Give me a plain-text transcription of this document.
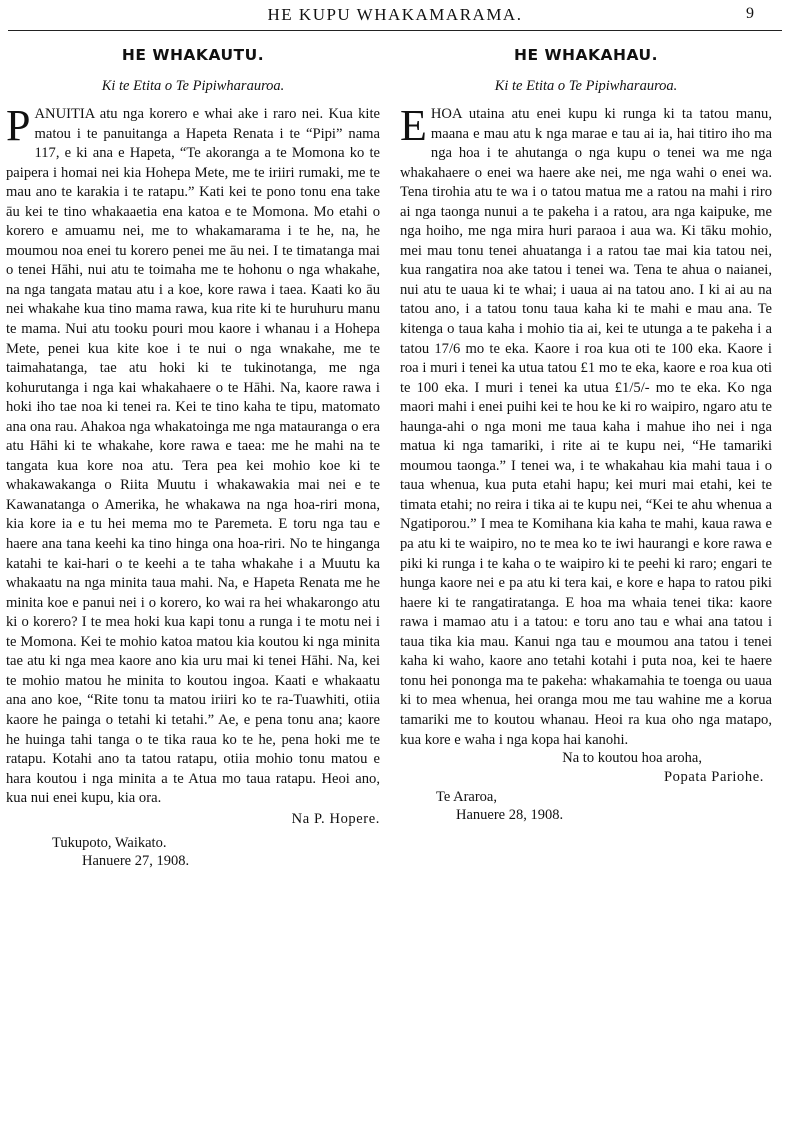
HE KUPU WHAKAMARAMA.	9
HE WHAKAUTU.
Ki te Etita o Te Pipiwharauroa.

PANUITIA atu nga korero e whai ake i raro nei. Kua kite matou i te panuitanga a Hapeta Renata i te “Pipi” nama 117, e ki ana e Hapeta, “Te akoranga a te Momona ko te paipera i homai nei kia Hohepa Mete, me te iriiri rumaki, me te mau ano te karakia i te ratapu.” Kati kei te pono tonu ena take āu kei te tino whakaaetia ena katoa e te Momona. Mo etahi o korero e amuamu nei, me to whakamarama i te he, na, he moumou noa enei tu korero penei me āu nei. I te timatanga mai o tenei Hāhi, nui atu te toimaha me te hohonu o nga whakahe, na nga tangata matau atu i a koe, kore rawa i taea. Kaati ko āu nei whakahe kua tino mama rawa, kua rite ki te huruhuru manu te mama. Nui atu tooku pouri mou kaore i whanau i a Hohepa Mete, penei kua kite koe i te nui o nga wnakahe, me te taimahatanga, tae atu hoki ki te tukinotanga, me nga kohurutanga i nga kai whakahaere o te Hāhi. Na, kaore rawa i hoki iho tae noa ki tenei ra. Kei te tino kaha te tipu, matomato ana ona rau. Ahakoa nga whakatoinga me nga matauranga o era atu Hāhi ki te whakahe, kore rawa e taea: me he mahi na te tangata kua kore noa atu. Tera pea kei mohio koe ki te whakawakanga o Riita Muutu i whakawakia mai nei e te Kawanatanga o Amerika, he whakawa na nga hoa-riri mona, kia kore ia e tu hei mema mo te Paremeta. E toru nga tau e haere ana tana keehi ka tino hinga ona hoa-riri. No te hinganga katahi te kai-hari o te keehi a te taha whakahe i a Muutu ka whakaatu na nga minita taua mahi. Na, e Hapeta Renata me he minita koe e panui nei i o korero, ko wai ra hei whakarongo atu ki o korero? I te mea hoki kua kapi tonu a runga i te motu nei i te Momona. Kei te mohio katoa matou kia koutou ki nga minita tae atu ki nga mea kaore ano kia uru mai ki tenei Hāhi. Na, kei te mohio matou he minita to koutou ingoa. Kaati e whakaatu ana ano koe, “Rite tonu ta matou iriiri ko te ra-Tuawhiti, otiia kaore he painga o tetahi ki tetahi.” Ae, e pena tonu ana; kaore he huinga tahi tanga o te tika raua ko te he, pena hoki me te ratapu. Kotahi ano ta tatou ratapu, otiia mohio tonu matou e hara koutou i nga minita a te Atua mo taua ratapu. Heoi ano, kua nui enei kupu, kia ora.

Na P. Hopere.
Tukupoto, Waikato.
Hanuere 27, 1908.
HE WHAKAHAU.
Ki te Etita o Te Pipiwharauroa.

EHOA utaina atu enei kupu ki runga ki ta tatou manu, maana e mau atu k nga marae e tau ai ia, hai titiro iho ma nga hoa i te ahutanga o nga kupu o tenei wa me nga whakahaere o enei wa haere ake nei, me nga wahi o enei wa. Tena tirohia atu te wa i o tatou matua me a ratou na mahi i riro ai nga taonga nunui a te pakeha i a ratou, ara nga kaipuke, me nga hoiho, me nga mira huri paraoa i aua wa. Ki tāku mohio, mei mau tonu tenei ahuatanga i a ratou tae mai kia tatou nei, kua rangatira noa ake tatou i tenei wa. Tena te ahua o naianei, nui atu te uaua ki te whai; i uaua ai na tatou ano. I ki ai au na tatou ano, i a tatou tonu taua kaha ki te mahi e mau ana. Te kitenga o taua kaha i mohio tia ai, kei te utunga a te pakeha i a tatou 17/6 mo te eka. Kaore i roa kua oti te 100 eka. Kaore i roa i muri i tenei ka utua tatou £1 mo te eka, kaore e roa kua oti te 100 eka. I muri i tenei ka utua £1/5/- mo te eka. Ko nga maori mahi i enei puihi kei te hou ke ki ro waipiro, ngaro atu te haunga-ahi o nga moni me taua kaha i mahue iho nei i nga matua ki nga tamariki, i rite ai te kupu nei, “He tamariki moumou taonga.” I tenei wa, i te whakahau kia mahi taua i o taua whenua, kua puta etahi hapu; kei muri mai etahi, kei te timata etahi; no reira i tika ai te kupu nei, “Kei te ahu whenua a Ngatiporou.” I mea te Komihana kia kaha te mahi, kaua rawa e pa atu ki te waipiro, no te mea ko te iwi haurangi e kore rawa e piki ki runga i te kaha o te waipiro ki te peehi ki raro; engari te hunga kaore nei e pa atu ki tera kai, e kore e hapa to ratou piki haere ki te rangatiratanga. E hoa ma whaia tenei tika: kaore rawa i mamao atu i a tatou: e toru ano tau e whai ana tatou i taua tika kia mau. Kanui nga tau e moumou ana tatou i tenei kaha ki waho, kaore ano tetahi kotahi i puta noa, kei te haere tonu hei pononga ma te pakeha: whakamahia te toenga ou uaua ki to mea whenua, hei oranga mou me tau wahine me a korua tamariki me to koutou whanau. Heoi ra kua oho nga matapo, kua kore e waha i nga kopa hai kanohi.

Na to koutou hoa aroha,
Popata Pariohe.
Te Araroa,
Hanuere 28, 1908.
